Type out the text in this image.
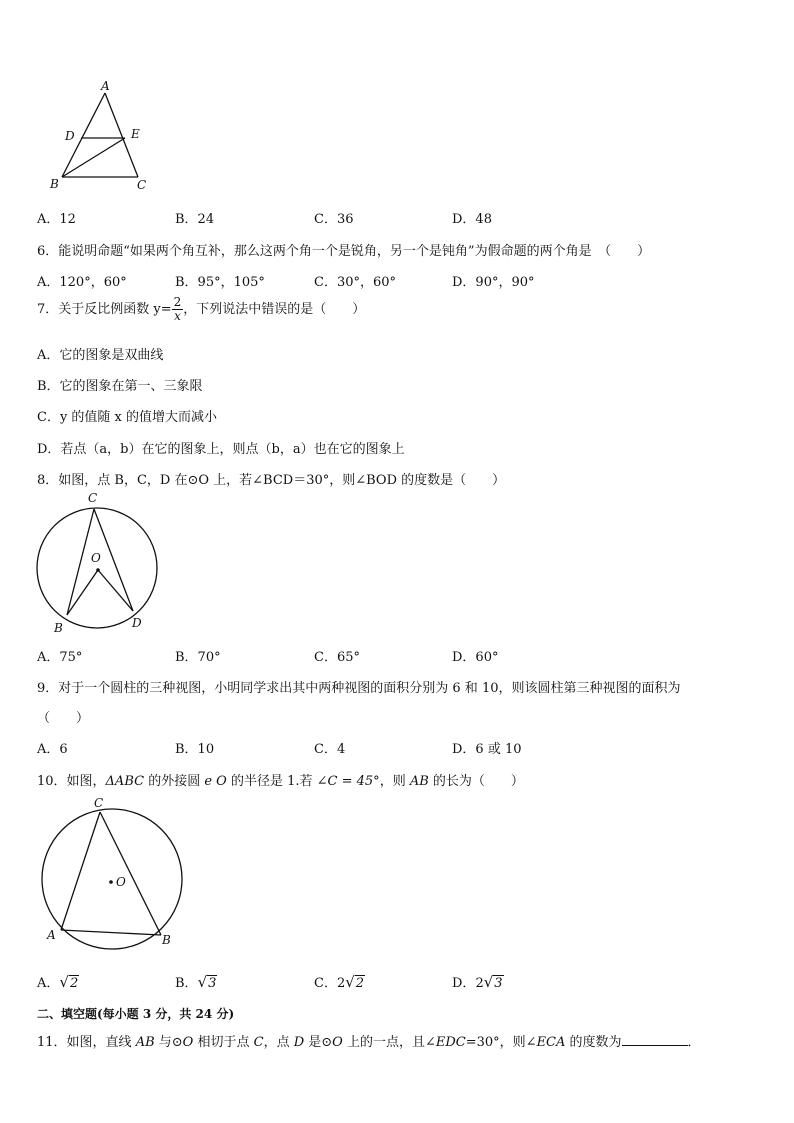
A
D	E
B	C
A．12	B．24	C．36	D．48
6．能说明命题“如果两个角互补，那么这两个角一个是锐角，另一个是钝角”为假命题的两个角是　（　　）
A．120°，60°	B．95°，105°	C．30°，60°	D．90°，90°
7．关于反比例函数 $y= \frac{2}{x}$ ，下列说法中错误的是（　　）
A．它的图象是双曲线
B．它的图象在第一、三象限
C．y 的值随 x 的值增大而减小
D．若点（a，b）在它的图象上，则点（b，a）也在它的图象上
8．如图，点 B，C，D 在⊙O 上，若∠BCD＝30°，则∠BOD 的度数是（　　）
C
O
B	D
A．75°	B．70°	C．65°	D．60°
9．对于一个圆柱的三种视图，小明同学求出其中两种视图的面积分别为 6 和 10，则该圆柱第三种视图的面积为
（　　）
A．6	B．10	C．4	D．6 或 10
10．如图，ΔABC 的外接圆 e O 的半径是 1.若 ∠C = 45°，则 AB 的长为（　　）
C
O
A	B
A．√2	B．√3	C．2√2	D．2√3
二、填空题(每小题 3 分，共 24 分)
11．如图，直线 AB 与⊙O 相切于点 C，点 D 是⊙O 上的一点，且∠EDC=30°，则∠ECA 的度数为	．
